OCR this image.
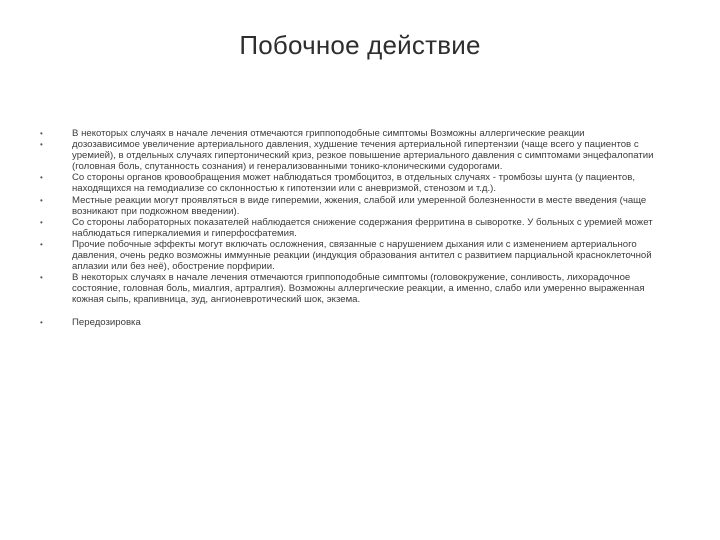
Побочное действие
•	В некоторых случаях в начале лечения отмечаются гриппоподобные симптомы Возможны аллергические реакции
•	дозозависимое увеличение артериального давления, худшение течения артериальной гипертензии (чаще всего у пациентов с уремией), в отдельных случаях гипертонический криз, резкое повышение артериального давления с симптомами энцефалопатии (головная боль, спутанность сознания) и генерализованными тонико-клоническими судорогами.
•	Со стороны органов кровообращения может наблюдаться тромбоцитоз, в отдельных случаях - тромбозы шунта (у пациентов, находящихся на гемодиализе со склонностью к гипотензии или с аневризмой, стенозом и т.д.).
•	Местные реакции могут проявляться в виде гиперемии, жжения, слабой или умеренной болезненности в месте введения (чаще возникают при подкожном введении).
•	Со стороны лабораторных показателей наблюдается снижение содержания ферритина в сыворотке. У больных с уремией может наблюдаться гиперкалиемия и гиперфосфатемия.
•	Прочие побочные эффекты могут включать осложнения, связанные с нарушением дыхания или с изменением артериального давления, очень редко возможны иммунные реакции (индукция образования антител с развитием парциальной красноклеточной аплазии или без неё), обострение порфирии.
•	В некоторых случаях в начале лечения отмечаются гриппоподобные симптомы (головокружение, сонливость, лихорадочное состояние, головная боль, миалгия, артралгия). Возможны аллергические реакции, а именно, слабо или умеренно выраженная кожная сыпь, крапивница, зуд, ангионевротический шок, экзема.
•	Передозировка
